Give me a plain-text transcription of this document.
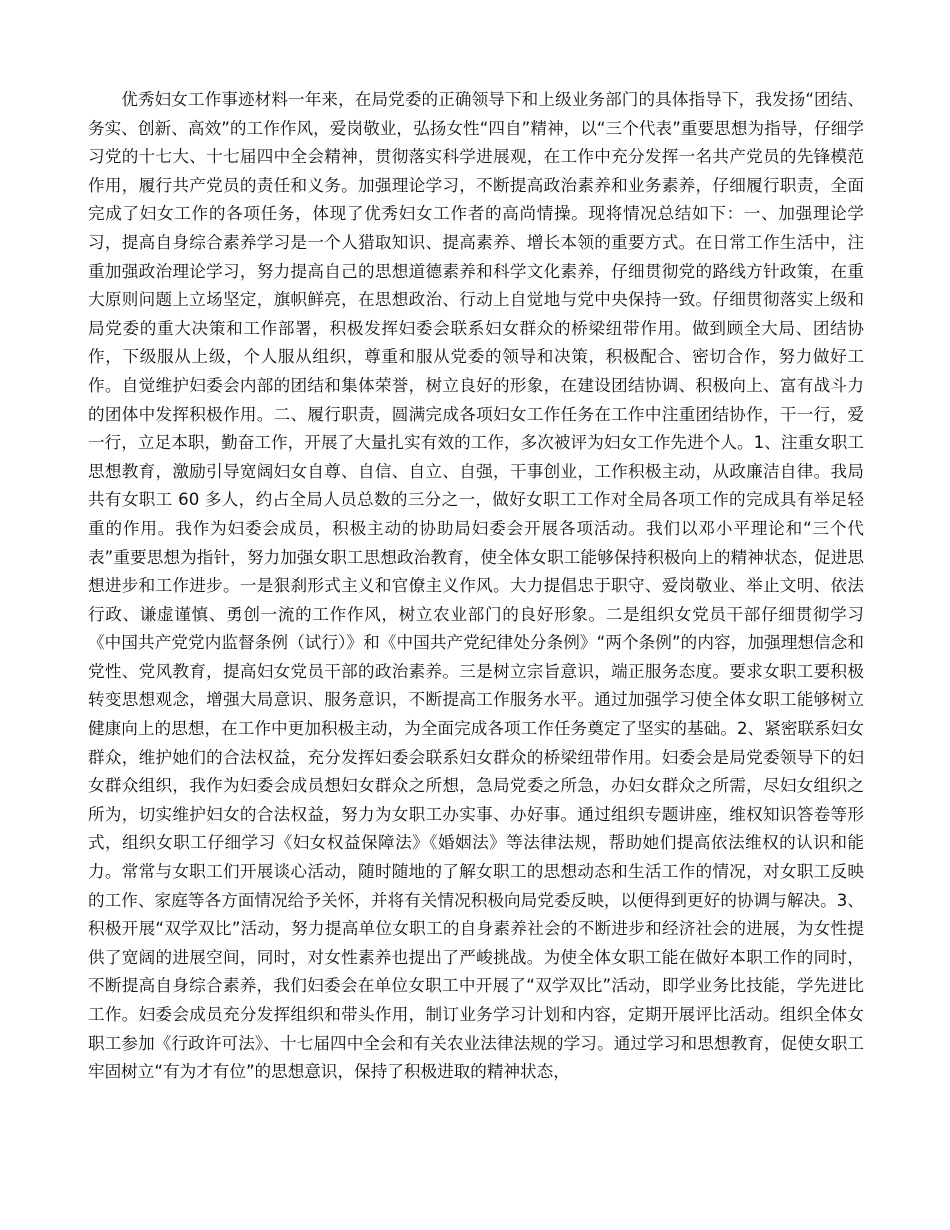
优秀妇女工作事迹材料一年来，在局党委的正确领导下和上级业务部门的具体指导下，我发扬“团结、务实、创新、高效”的工作作风，爱岗敬业，弘扬女性“四自”精神，以“三个代表”重要思想为指导，仔细学习党的十七大、十七届四中全会精神，贯彻落实科学进展观，在工作中充分发挥一名共产党员的先锋模范作用，履行共产党员的责任和义务。加强理论学习，不断提高政治素养和业务素养，仔细履行职责，全面完成了妇女工作的各项任务，体现了优秀妇女工作者的高尚情操。现将情况总结如下：一、加强理论学习，提高自身综合素养学习是一个人猎取知识、提高素养、增长本领的重要方式。在日常工作生活中，注重加强政治理论学习，努力提高自己的思想道德素养和科学文化素养，仔细贯彻党的路线方针政策，在重大原则问题上立场坚定，旗帜鲜亮，在思想政治、行动上自觉地与党中央保持一致。仔细贯彻落实上级和局党委的重大决策和工作部署，积极发挥妇委会联系妇女群众的桥梁纽带作用。做到顾全大局、团结协作，下级服从上级，个人服从组织，尊重和服从党委的领导和决策，积极配合、密切合作，努力做好工作。自觉维护妇委会内部的团结和集体荣誉，树立良好的形象，在建设团结协调、积极向上、富有战斗力的团体中发挥积极作用。二、履行职责，圆满完成各项妇女工作任务在工作中注重团结协作，干一行，爱一行，立足本职，勤奋工作，开展了大量扎实有效的工作，多次被评为妇女工作先进个人。1、注重女职工思想教育，激励引导宽阔妇女自尊、自信、自立、自强，干事创业，工作积极主动，从政廉洁自律。我局共有女职工 60 多人，约占全局人员总数的三分之一，做好女职工工作对全局各项工作的完成具有举足轻重的作用。我作为妇委会成员，积极主动的协助局妇委会开展各项活动。我们以邓小平理论和“三个代表”重要思想为指针，努力加强女职工思想政治教育，使全体女职工能够保持积极向上的精神状态，促进思想进步和工作进步。一是狠刹形式主义和官僚主义作风。大力提倡忠于职守、爱岗敬业、举止文明、依法行政、谦虚谨慎、勇创一流的工作作风，树立农业部门的良好形象。二是组织女党员干部仔细贯彻学习《中国共产党党内监督条例（试行）》和《中国共产党纪律处分条例》“两个条例”的内容，加强理想信念和党性、党风教育，提高妇女党员干部的政治素养。三是树立宗旨意识，端正服务态度。要求女职工要积极转变思想观念，增强大局意识、服务意识，不断提高工作服务水平。通过加强学习使全体女职工能够树立健康向上的思想，在工作中更加积极主动，为全面完成各项工作任务奠定了坚实的基础。2、紧密联系妇女群众，维护她们的合法权益，充分发挥妇委会联系妇女群众的桥梁纽带作用。妇委会是局党委领导下的妇女群众组织，我作为妇委会成员想妇女群众之所想，急局党委之所急，办妇女群众之所需，尽妇女组织之所为，切实维护妇女的合法权益，努力为女职工办实事、办好事。通过组织专题讲座，维权知识答卷等形式，组织女职工仔细学习《妇女权益保障法》《婚姻法》等法律法规，帮助她们提高依法维权的认识和能力。常常与女职工们开展谈心活动，随时随地的了解女职工的思想动态和生活工作的情况，对女职工反映的工作、家庭等各方面情况给予关怀，并将有关情况积极向局党委反映，以便得到更好的协调与解决。3、积极开展“双学双比”活动，努力提高单位女职工的自身素养社会的不断进步和经济社会的进展，为女性提供了宽阔的进展空间，同时，对女性素养也提出了严峻挑战。为使全体女职工能在做好本职工作的同时，不断提高自身综合素养，我们妇委会在单位女职工中开展了“双学双比”活动，即学业务比技能，学先进比工作。妇委会成员充分发挥组织和带头作用，制订业务学习计划和内容，定期开展评比活动。组织全体女职工参加《行政许可法》、十七届四中全会和有关农业法律法规的学习。通过学习和思想教育，促使女职工牢固树立“有为才有位”的思想意识，保持了积极进取的精神状态，
